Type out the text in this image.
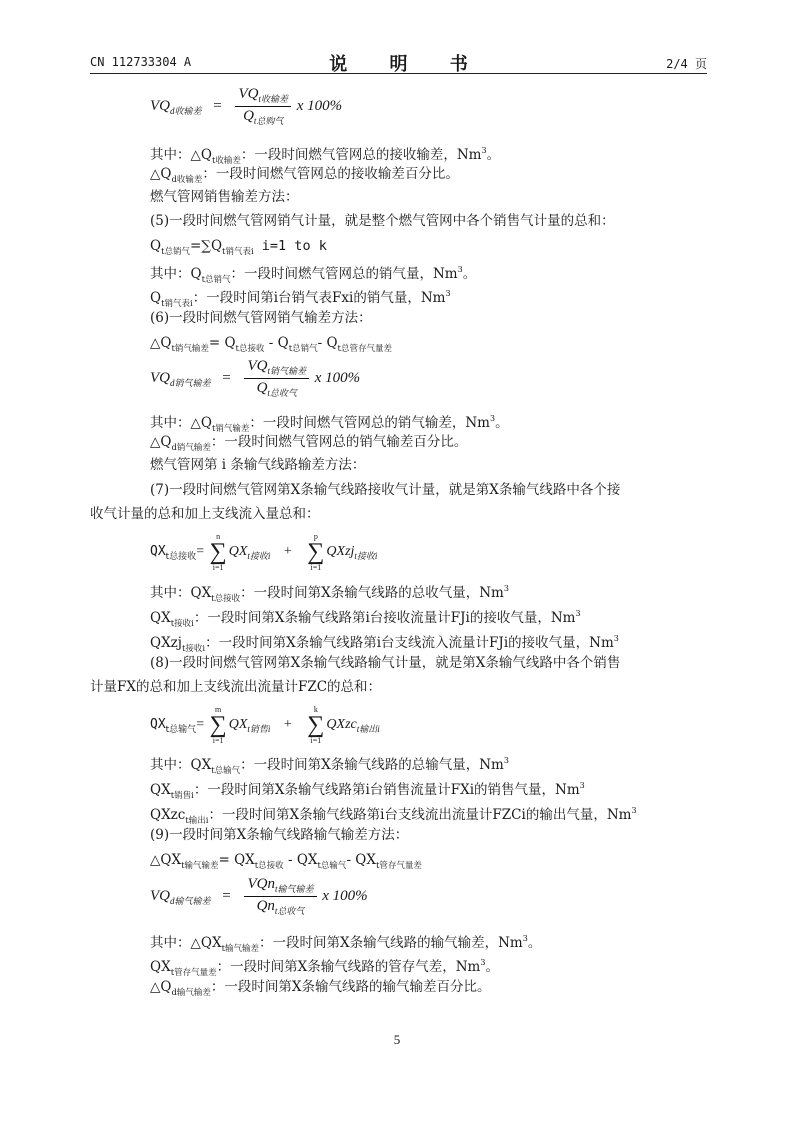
CN 112733304 A	说 明 书	2/4 页
$VQ_{d收输差} = \frac{VQ_{t收输差}}{Q_{t总购气}}$ x 100%
其中：$\triangle Q_{t收输差}$：一段时间燃气管网总的接收输差，Nm$^3$。
$\triangle Q_{d收输差}$：一段时间燃气管网总的接收输差百分比。
燃气管网销售输差方法：
(5)一段时间燃气管网销气计量，就是整个燃气管网中各个销售气计量的总和：
$Q_{t总销气}=\sum Q_{t销气表i}$ i=1 to k
其中：$Q_{t总销气}$：一段时间燃气管网总的销气量，Nm$^3$。
$Q_{t销气表i}$：一段时间第i台销气表Fxi的销气量，Nm$^3$
(6)一段时间燃气管网销气输差方法：
$\triangle Q_{t销气输差}= Q_{t总接收} - Q_{t总销气}-$ $Q_{t总管存气量差}$
$VQ_{d销气输差} = \frac{VQ_{t销气输差}}{Q_{t总收气}}$ x 100%
其中：$\triangle Q_{t销气输差}$：一段时间燃气管网总的销气输差，Nm$^3$。
$\triangle Q_{d销气输差}$：一段时间燃气管网总的销气输差百分比。
燃气管网第 i 条输气线路输差方法：
(7)一段时间燃气管网第X条输气线路接收气计量，就是第X条输气线路中各个接
收气计量的总和加上支线流入量总和：
$QX_{t总接收}= n$
∑
$i=1QX_{t接收i} + p$
∑
i=1QXzj$_{t接收i}$
其中：$QX_{t总接收}$：一段时间第X条输气线路的总收气量，Nm$^3$
$QX_{t接收i}$：一段时间第X条输气线路第i台接收流量计FJi的接收气量，Nm$^3$
QXzj$_{t接收i}$：一段时间第X条输气线路第i台支线流入流量计FJi的接收气量，Nm$^3$
(8)一段时间燃气管网第X条输气线路输气计量，就是第X条输气线路中各个销售
计量FX的总和加上支线流出流量计FZC的总和：
$QX_{t总输气}= m$
∑
$i=1QX_{t销售i} + k$
∑
i=1QXzc$_{t输出i}$
其中：$QX_{t总输气}$：一段时间第X条输气线路的总输气量，Nm$^3$
$QX_{t销售i}$：一段时间第X条输气线路第i台销售流量计FXi的销售气量，Nm$^3$
QXzc$_{t输出i}$：一段时间第X条输气线路第i台支线流出流量计FZCi的输出气量，Nm$^3$
(9)一段时间第X条输气线路输气输差方法：
$\triangle QX_{t输气输差}= QX_{t总接收} - QX_{t总输气}-$ $QX_{t管存气量差}$
$VQ_{d输气输差} = \frac{VQn_{t输气输差}}{Qn_{t总收气}}$ x 100%
其中：$\triangle QX_{t输气输差}$：一段时间第X条输气线路的输气输差，Nm$^3$。
$QX_{t管存气量差}$：一段时间第X条输气线路的管存气差，Nm$^3$。
$\triangle Q_{d输气输差}$：一段时间第X条输气线路的输气输差百分比。
5
